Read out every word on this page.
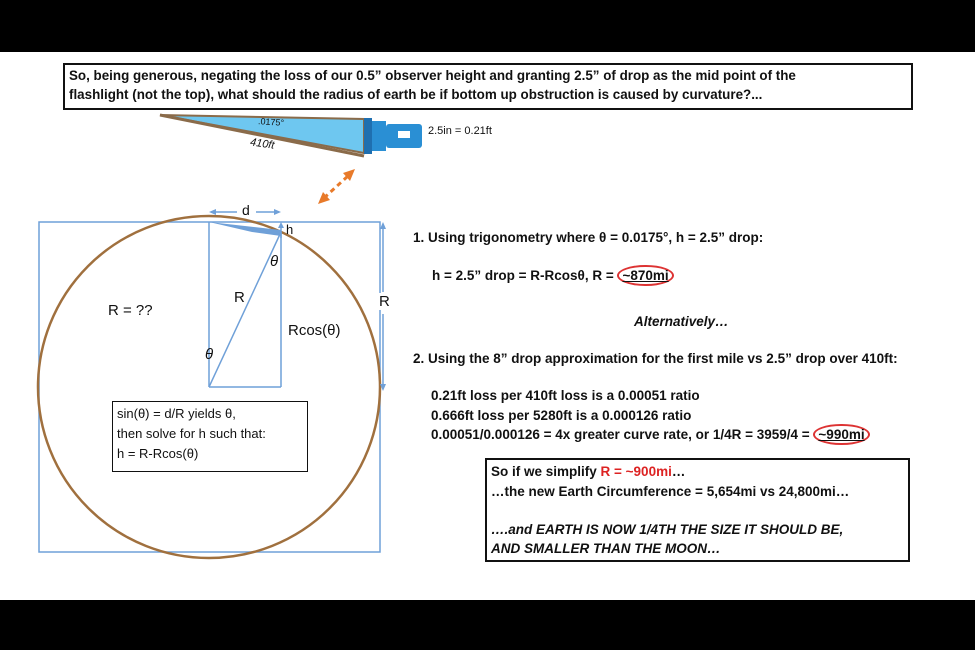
So, being generous, negating the loss of our 0.5” observer height and granting 2.5” of drop as the mid point of the
flashlight (not the top), what should the radius of earth be if bottom up obstruction is caused by curvature?...
.0175°
410ft
2.5in = 0.21ft
d
h
θ
θ
R
R = ??
Rcos(θ)
R
sin(θ) = d/R yields θ,
then solve for h such that:
h = R-Rcos(θ)
1. Using trigonometry where θ = 0.0175°, h = 2.5” drop:
h = 2.5” drop = R-Rcosθ, R = ~870mi
Alternatively…
2. Using the 8” drop approximation for the first mile vs 2.5” drop over 410ft:
0.21ft loss per 410ft loss is a 0.00051 ratio
0.666ft loss per 5280ft is a 0.000126 ratio
0.00051/0.000126 = 4x greater curve rate, or 1/4R = 3959/4 = ~990mi
So if we simplify R = ~900mi…
…the new Earth Circumference = 5,654mi vs 24,800mi…
….and EARTH IS NOW 1/4TH THE SIZE IT SHOULD BE,
AND SMALLER THAN THE MOON…
